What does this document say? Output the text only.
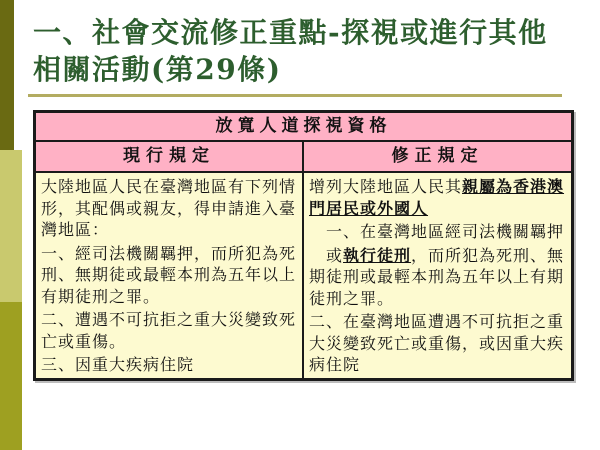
一、社會交流修正重點-探視或進行其他
相關活動(第29條)
放寬人道探視資格
現行規定	修正規定

大陸地區人民在臺灣地區有下列情形，其配偶或親友，得申請進入臺灣地區：

一、經司法機關羈押，而所犯為死刑、無期徒或最輕本刑為五年以上有期徒刑之罪。

二、遭遇不可抗拒之重大災變致死亡或重傷。

三、因重大疾病住院

增列大陸地區人民其親屬為香港澳門居民或外國人

　一、在臺灣地區經司法機關羈押

　或執行徒刑，而所犯為死刑、無期徒刑或最輕本刑為五年以上有期徒刑之罪。

二、在臺灣地區遭遇不可抗拒之重大災變致死亡或重傷，或因重大疾病住院
